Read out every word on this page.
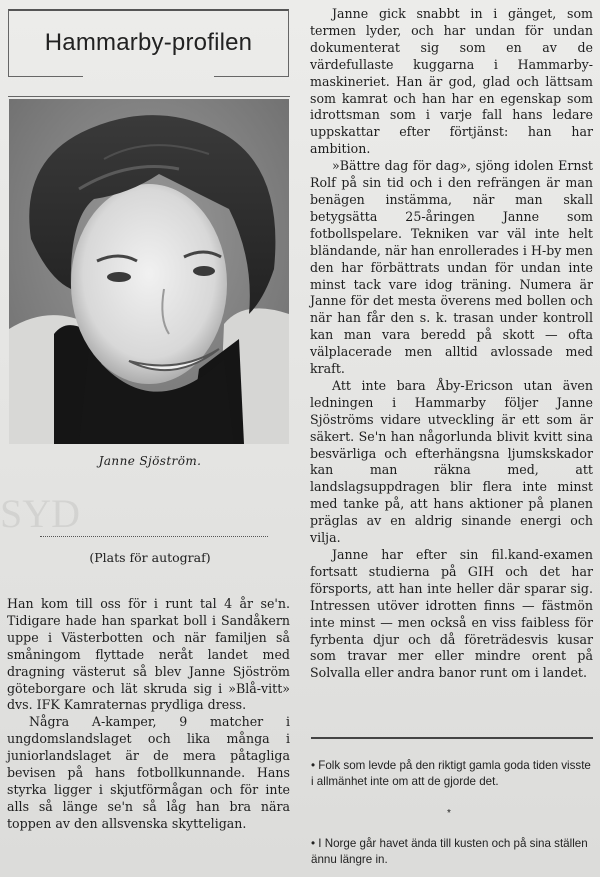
SYD
Hammarby-profilen
Janne Sjöström.
(Plats för autograf)

Han kom till oss för i runt tal 4 år se'n. Tidigare hade han sparkat boll i Sandåkern uppe i Västerbotten och när familjen så småningom flyttade neråt landet med dragning västerut så blev Janne Sjöström göteborgare och lät skruda sig i »Blå-vitt» dvs. IFK Kamraternas prydliga dress.

Några A-kamper, 9 matcher i ungdomslandslaget och lika många i juniorlandslaget är de mera påtagliga bevisen på hans fotbollkunnande. Hans styrka ligger i skjutförmågan och för inte alls så länge se'n så låg han bra nära toppen av den allsvenska skytteligan.

Janne gick snabbt in i gänget, som termen lyder, och har undan för undan dokumenterat sig som en av de värdefullaste kuggarna i Hammarby-maskineriet. Han är god, glad och lättsam som kamrat och han har en egenskap som idrottsman som i varje fall hans ledare uppskattar efter förtjänst: han har ambition.

»Bättre dag för dag», sjöng idolen Ernst Rolf på sin tid och i den refrängen är man benägen instämma, när man skall betygsätta 25-åringen Janne som fotbollspelare. Tekniken var väl inte helt bländande, när han enrollerades i H-by men den har förbättrats undan för undan inte minst tack vare idog träning. Numera är Janne för det mesta överens med bollen och när han får den s. k. trasan under kontroll kan man vara beredd på skott — ofta välplacerade men alltid avlossade med kraft.

Att inte bara Åby-Ericson utan även ledningen i Hammarby följer Janne Sjöströms vidare utveckling är ett som är säkert. Se'n han någorlunda blivit kvitt sina besvärliga och efterhängsna ljumskskador kan man räkna med, att landslagsuppdragen blir flera inte minst med tanke på, att hans aktioner på planen präglas av en aldrig sinande energi och vilja.

Janne har efter sin fil.kand-examen fortsatt studierna på GIH och det har försports, att han inte heller där sparar sig. Intressen utöver idrotten finns — fästmön inte minst — men också en viss faibless för fyrbenta djur och då företrädesvis kusar som travar mer eller mindre orent på Solvalla eller andra banor runt om i landet.

• Folk som levde på den riktigt gamla goda tiden visste i allmänhet inte om att de gjorde det.
*
• I Norge går havet ända till kusten och på sina ställen ännu längre in.
